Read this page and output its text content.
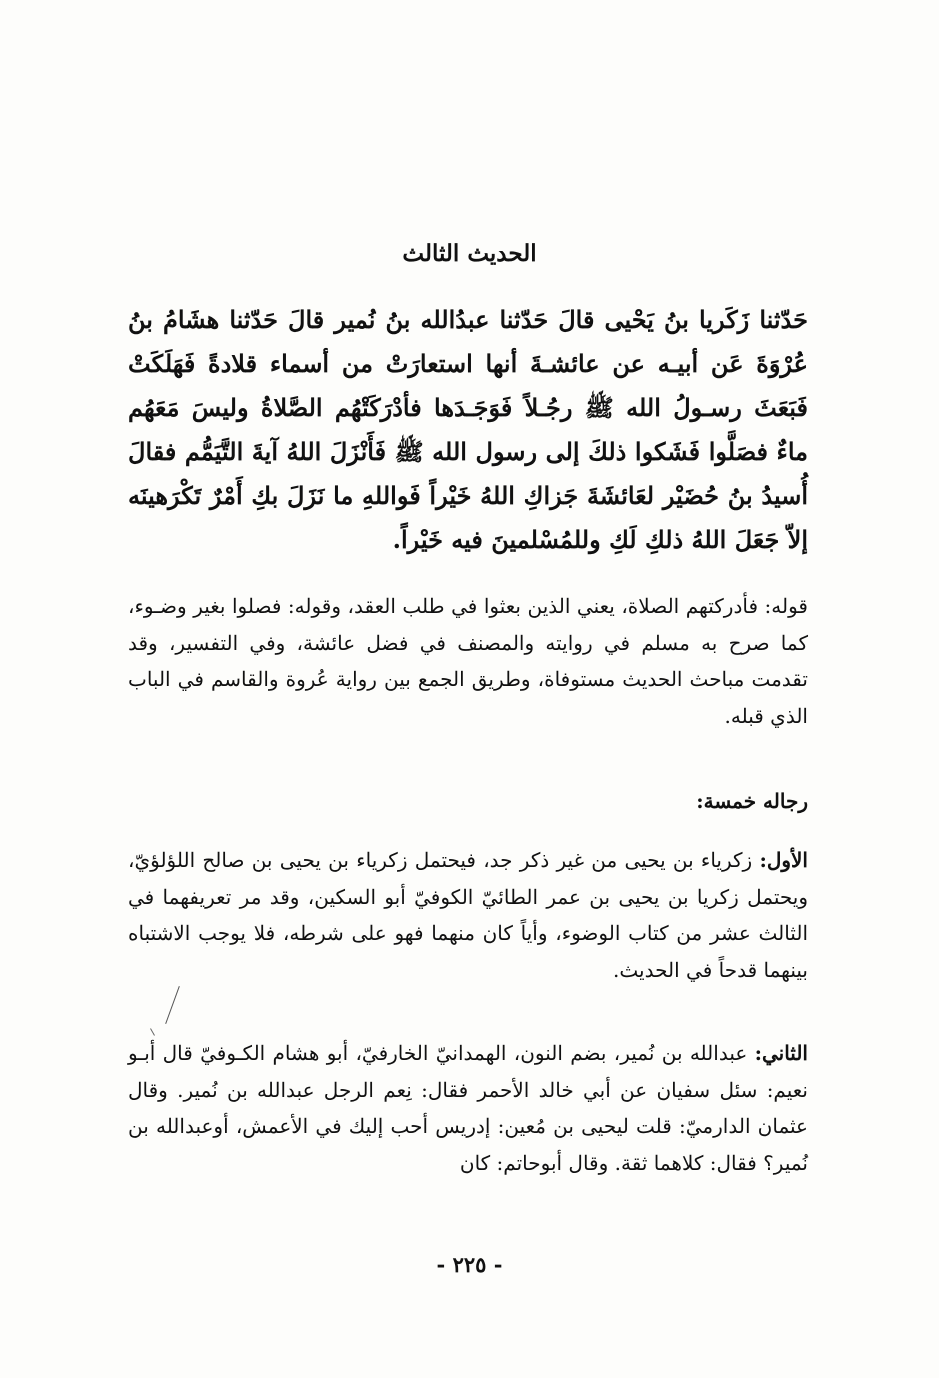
الحديث الثالث
حَدّثنا زَكَريا بنُ يَحْيى قالَ حَدّثنا عبدُالله بنُ نُمير قالَ حَدّثنا هشَامُ بنُ عُرْوَةَ عَن أبيـه عن عائشـةَ أنها استعارَتْ من أسماء قلادةً فَهَلَكَتْ فَبَعَثَ رسـولُ الله ﷺ رجُـلاً فَوَجَـدَها فأدْرَكَتْهُم الصَّلاةُ وليسَ مَعَهُم ماءٌ فصَلَّوا فَشَكوا ذلكَ إلى رسول الله ﷺ فَأَنْزَلَ اللهُ آيةَ التَّيَمُّم فقالَ أُسيدُ بنُ حُضَيْر لعَائشَةَ جَزاكِ اللهُ خَيْراً فَواللهِ ما نَزَلَ بكِ أَمْرٌ تَكْرَهينَه إلاّ جَعَلَ اللهُ ذلكِ لَكِ وللمُسْلمينَ فيه خَيْراً.
قوله: فأدركتهم الصلاة، يعني الذين بعثوا في طلب العقد، وقوله: فصلوا بغير وضـوء، كما صرح به مسلم في روايته والمصنف في فضل عائشة، وفي التفسير، وقد تقدمت مباحث الحديث مستوفاة، وطريق الجمع بين رواية عُروة والقاسم في الباب الذي قبله.
رجاله خمسة:
الأول: زكرياء بن يحيى من غير ذكر جد، فيحتمل زكرياء بن يحيى بن صالح اللؤلؤيّ، ويحتمل زكريا بن يحيى بن عمر الطائيّ الكوفيّ أبو السكين، وقد مر تعريفهما في الثالث عشر من كتاب الوضوء، وأياً كان منهما فهو على شرطه، فلا يوجب الاشتباه بينهما قدحاً في الحديث.
الثاني: عبدالله بن نُمير، بضم النون، الهمدانيّ الخارفيّ، أبو هشام الكـوفيّ قال أبـو نعيم: سئل سفيان عن أبي خالد الأحمر فقال: نِعم الرجل عبدالله بن نُمير. وقال عثمان الدارميّ: قلت ليحيى بن مُعين: إدريس أحب إليك في الأعمش، أوعبدالله بن نُمير؟ فقال: كلاهما ثقة. وقال أبوحاتم: كان
- ٢٢٥ -
